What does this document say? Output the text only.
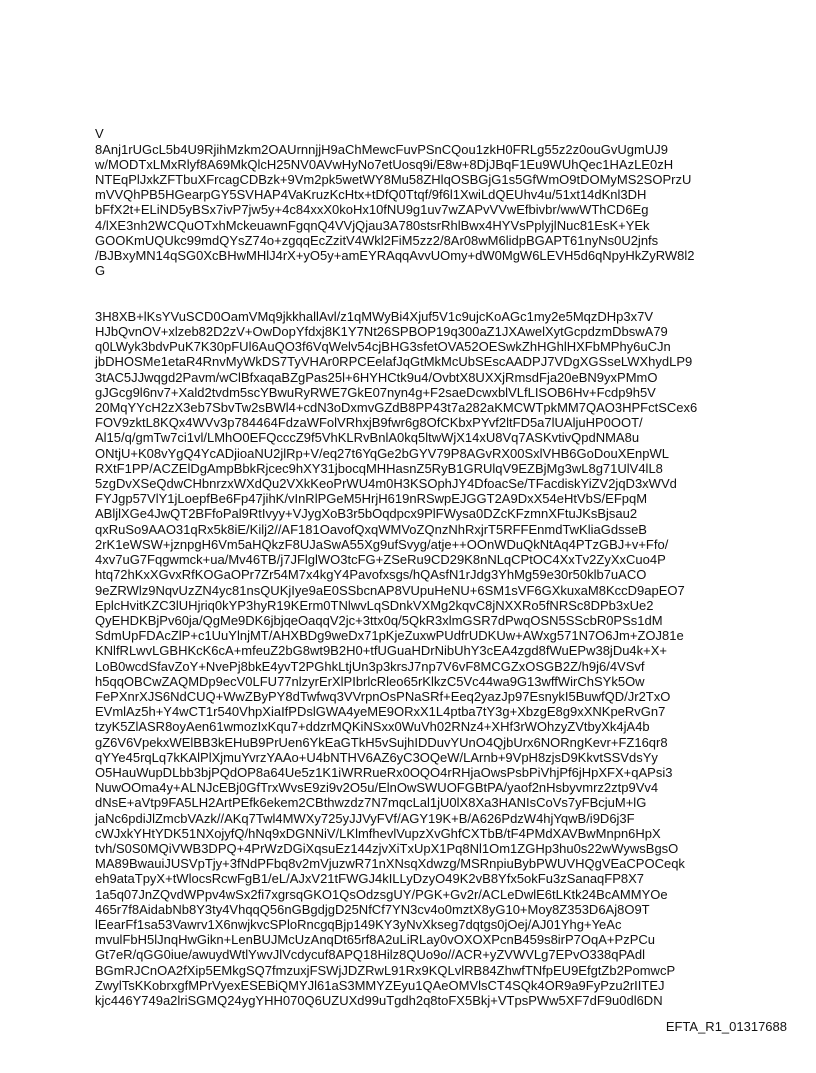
V
8Anj1rUGcL5b4U9RjihMzkm2OAUrnnjjH9aChMewcFuvPSnCQou1zkH0FRLg55z2z0ouGvUgmUJ9
w/MODTxLMxRlyf8A69MkQlcH25NV0AVwHyNo7etUosq9i/E8w+8DjJBqF1Eu9WUhQec1HAzLE0zH
NTEqPlJxkZFTbuXFrcagCDBzk+9Vm2pk5wetWY8Mu58ZHlqOSBGjG1s5GfWmO9tDOMyMS2SOPrzU
mVVQhPB5HGearpGY5SVHAP4VaKruzKcHtx+tDfQ0Ttqf/9f6l1XwiLdQEUhv4u/51xt14dKnl3DH
bFfX2t+ELiND5yBSx7ivP7jw5y+4c84xxX0koHx10fNU9g1uv7wZAPvVVwEfbivbr/wwWThCD6Eg
4/lXE3nh2WCQuOTxhMckeuawnFgqnQ4VVjQjau3A780stsrRhlBwx4HYVsPplyjlNuc81EsK+YEk
GOOKmUQUkc99mdQYsZ74o+zgqqEcZzitV4Wkl2FiM5zz2/8Ar08wM6lidpBGAPT61nyNs0U2jnfs
/BJBxyMN14qSG0XcBHwMHlJ4rX+yO5y+amEYRAqqAvvUOmy+dW0MgW6LEVH5d6qNpyHkZyRW8l2
G

3H8XB+lKsYVuSCD0OamVMq9jkkhallAvl/z1qMWyBi4Xjuf5V1c9ujcKoAGc1my2e5MqzDHp3x7V
HJbQvnOV+xlzeb82D2zV+OwDopYfdxj8K1Y7Nt26SPBOP19q300aZ1JXAwelXytGcpdzmDbswA79
q0LWyk3bdvPuK7K30pFUl6AuQO3f6VqWelv54cjBHG3sfetOVA52OESwkZhHGhlHXFbMPhy6uCJn
jbDHOSMe1etaR4RnvMyWkDS7TyVHAr0RPCEelafJqGtMkMcUbSEscAADPJ7VDgXGSseLWXhydLP9
3tAC5JJwqgd2Pavm/wClBfxaqaBZgPas25l+6HYHCtk9u4/OvbtX8UXXjRmsdFja20eBN9yxPMmO
gJGcg9l6nv7+Xald2tvdm5scYBwuRyRWE7GkE07nyn4g+F2saeDcwxblVLfLISOB6Hv+Fcdp9h5V
20MqYYcH2zX3eb7SbvTw2sBWl4+cdN3oDxmvGZdB8PP43t7a282aKMCWTpkMM7QAO3HPFctSCex6
FOV9zktL8KQx4WVv3p784464FdzaWFolVRhxjB9fwr6g8OfCKbxPYvf2ltFD5a7lUAljuHP0OOT/
Al15/q/gmTw7ci1vl/LMhO0EFQcccZ9f5VhKLRvBnlA0kq5ltwWjX14xU8Vq7ASKvtivQpdNMA8u
ONtjU+K08vYgQ4YcADjioaNU2jlRp+V/eq27t6YqGe2bGYV79P8AGvRX00SxlVHB6GoDouXEnpWL
RXtF1PP/ACZElDgAmpBbkRjcec9hXY31jbocqMHHasnZ5RyB1GRUlqV9EZBjMg3wL8g71UlV4lL8
5zgDvXSeQdwCHbnrzxWXdQu2VXkKeoPrWU4m0H3KSOphJY4DfoacSe/TFacdiskYiZV2jqD3xWVd
FYJgp57VlY1jLoepfBe6Fp47jihK/vInRlPGeM5HrjH619nRSwpEJGGT2A9DxX54eHtVbS/EFpqM
ABljlXGe4JwQT2BFfoPal9RtIvyy+VJygXoB3r5bOqdpcx9PlFWysa0DZcKFzmnXFtuJKsBjsau2
qxRuSo9AAO31qRx5k8iE/Kilj2//AF181OavofQxqWMVoZQnzNhRxjrT5RFFEnmdTwKliaGdsseB
2rK1eWSW+jznpgH6Vm5aHQkzF8UJaSwA55Xg9ufSvyg/atje++OOnWDuQkNtAq4PTzGBJ+v+Ffo/
4xv7uG7Fqgwmck+ua/Mv46TB/j7JFlglWO3tcFG+ZSeRu9CD29K8nNLqCPtOC4XxTv2ZyXxCuo4P
htq72hKxXGvxRfKOGaOPr7Zr54M7x4kgY4Pavofxsgs/hQAsfN1rJdg3YhMg59e30r50klb7uACO
9eZRWlz9NqvUzZN4yc81nsQUKjIye9aE0SSbcnAP8VUpuHeNU+6SM1sVF6GXkuxaM8KccD9apEO7
EplcHvitKZC3lUHjriq0kYP3hyR19KErm0TNlwvLqSDnkVXMg2kqvC8jNXXRo5fNRSc8DPb3xUe2
QyEHDKBjPv60ja/QgMe9DK6jbjqeOaqqV2jc+3ttx0q/5QkR3xlmGSR7dPwqOSN5SScbR0PSs1dM
SdmUpFDAcZlP+c1UuYlnjMT/AHXBDg9weDx71pKjeZuxwPUdfrUDKUw+AWxg571N7O6Jm+ZOJ81e
KNlfRLwvLGBHKcK6cA+mfeuZ2bG8wt9B2H0+tfUGuaHDrNibUhY3cEA4zgd8fWuEPw38jDu4k+X+
LoB0wcdSfavZoY+NvePj8bkE4yvT2PGhkLtjUn3p3krsJ7np7V6vF8MCGZxOSGB2Z/h9j6/4VSvf
h5qqOBCwZAQMDp9ecV0LFU77nlzyrErXlPIbrlcRleo65rKlkzC5Vc44wa9G13wffWirChSYk5Ow
FePXnrXJS6NdCUQ+WwZByPY8dTwfwq3VVrpnOsPNaSRf+Eeq2yazJp97EsnykI5BuwfQD/Jr2TxO
EVmlAz5h+Y4wCT1r540VhpXiaIfPDslGWA4yeME9ORxX1L4ptba7tY3g+XbzgE8g9xXNKpeRvGn7
tzyK5ZlASR8oyAen61wmozIxKqu7+ddzrMQKiNSxx0WuVh02RNz4+XHf3rWOhzyZVtbyXk4jA4b
gZ6V6VpekxWElBB3kEHuB9PrUen6YkEaGTkH5vSujhIDDuvYUnO4QjbUrx6NORngKevr+FZ16qr8
qYYe45rqLq7kKAlPlXjmuYvrzYAAo+U4bNTHV6AZ6yC3OQeW/LArnb+9VpH8zjsD9KkvtSSVdsYy
O5HauWupDLbb3bjPQdOP8a64Ue5z1K1iWRRueRx0OQO4rRHjaOwsPsbPiVhjPf6jHpXFX+qAPsi3
NuwOOma4y+ALNJcEBj0GfTrxWvsE9zi9v2O5u/ElnOwSWUOFGBtPA/yaof2nHsbyvmrz2ztp9Vv4
dNsE+aVtp9FA5LH2ArtPEfk6ekem2CBthwzdz7N7mqcLal1jU0lX8Xa3HANIsCoVs7yFBcjuM+lG
jaNc6pdiJlZmcbVAzk//AKq7Twl4MWXy725yJJVyFVf/AGY19K+B/A626PdzW4hjYqwB/i9D6j3F
cWJxkYHtYDK51NXojyfQ/hNq9xDGNNiV/LKlmfhevlVupzXvGhfCXTbB/tF4PMdXAVBwMnpn6HpX
tvh/S0S0MQiVWB3DPQ+4PrWzDGiXqsuEz144zjvXiTxUpX1Pq8Nl1Om1ZGHp3hu0s22wWywsBgsO
MA89BwauiJUSVpTjy+3fNdPFbq8v2mVjuzwR71nXNsqXdwzg/MSRnpiuBybPWUVHQgVEaCPOCeqk
eh9ataTpyX+tWlocsRcwFgB1/eL/AJxV21tFWGJ4kILLyDzyO49K2vB8Yfx5okFu3zSanaqFP8X7
1a5q07JnZQvdWPpv4wSx2fi7xgrsqGKO1QsOdzsgUY/PGK+Gv2r/ACLeDwlE6tLKtk24BcAMMYOe
465r7f8AidabNb8Y3ty4VhqqQ56nGBgdjgD25NfCf7YN3cv4o0mztX8yG10+Moy8Z353D6Aj8O9T
lEearFf1sa53Vawrv1X6nwjkvcSPloRncgqBjp149KY3yNvXkseg7dqtgs0jOej/AJ01Yhg+YeAc
mvulFbH5lJnqHwGikn+LenBUJMcUzAnqDt65rf8A2uLiRLay0vOXOXPcnB459s8irP7OqA+PzPCu
Gt7eR/qGG0iue/awuydWtlYwvJlVcdycuf8APQ18Hilz8QUo9o//ACR+yZVWVLg7EPvO338qPAdl
BGmRJCnOA2fXip5EMkgSQ7fmzuxjFSWjJDZRwL91Rx9KQLvlRB84ZhwfTNfpEU9EfgtZb2PomwcP
ZwylTsKKobrxgfMPrVyexESEBiQMYJl61aS3MMYZEyu1QAeOMVlsCT4SQk4OR9a9FyPzu2rIITEJ
kjc446Y749a2lriSGMQ24ygYHH070Q6UZUXd99uTgdh2q8toFX5Bkj+VTpsPWw5XF7dF9u0dl6DN

EFTA_R1_01317688
